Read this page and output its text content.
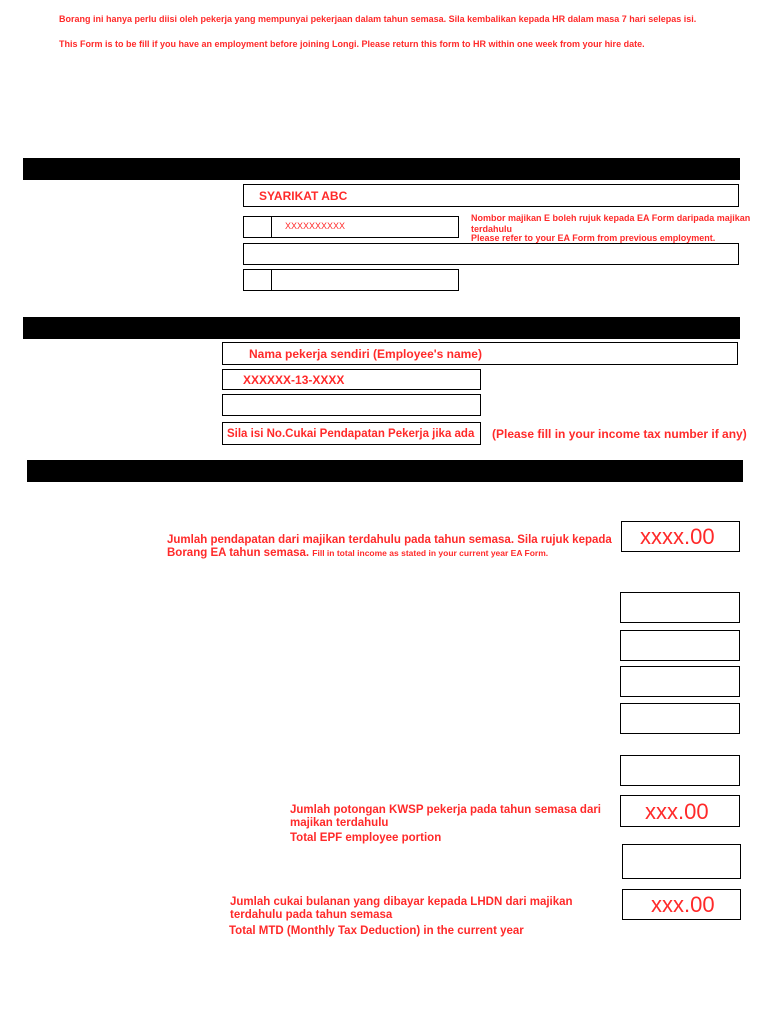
Borang ini hanya perlu diisi oleh pekerja yang mempunyai pekerjaan dalam tahun semasa. Sila kembalikan kepada HR dalam masa 7 hari selepas isi.
This Form is to be fill if you have an employment before joining Longi. Please return this form to HR within one week from your hire date.
SYARIKAT ABC
XXXXXXXXXX
Nombor majikan E boleh rujuk kepada EA Form daripada majikan terdahulu
Please refer to your EA Form from previous employment.
Nama pekerja sendiri (Employee's name)
XXXXXX-13-XXXX
Sila isi No.Cukai Pendapatan Pekerja jika ada (Please fill in your income tax number if any)
Jumlah pendapatan dari majikan terdahulu pada tahun semasa. Sila rujuk kepada Borang EA tahun semasa. Fill in total income as stated in your current year EA Form.
xxxx.00
Jumlah potongan KWSP pekerja pada tahun semasa dari majikan terdahulu
Total EPF employee portion
xxx.00
Jumlah cukai bulanan yang dibayar kepada LHDN dari majikan terdahulu pada tahun semasa
Total MTD (Monthly Tax Deduction) in the current year
xxx.00
